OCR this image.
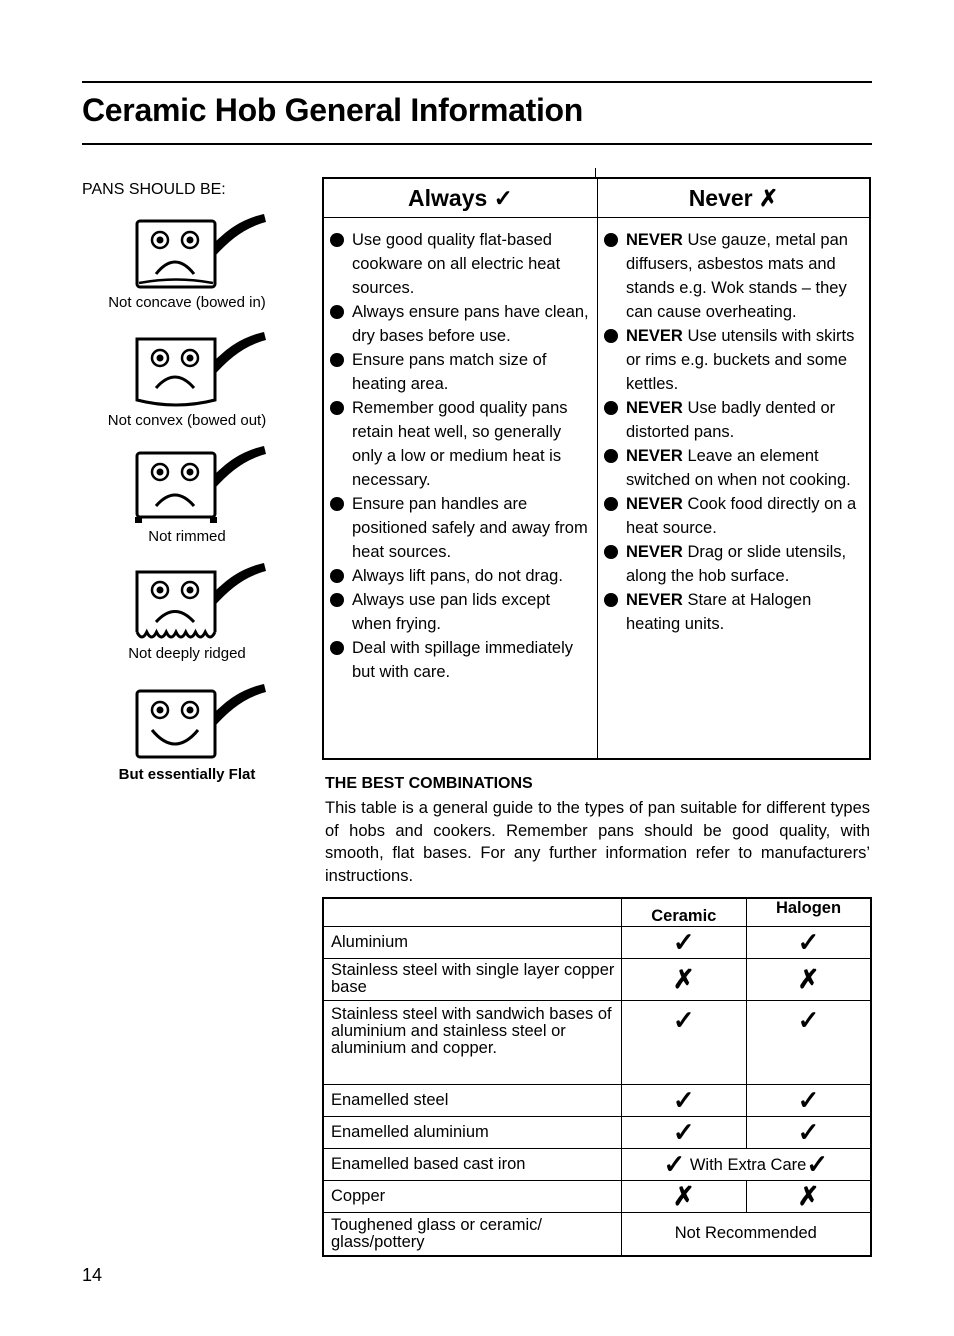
Ceramic Hob General Information
PANS SHOULD BE:
Not concave (bowed in)
Not convex (bowed out)
Not rimmed
Not deeply ridged
But essentially Flat
Always ✓
Use good quality flat-based cookware on all electric heat sources.
Always ensure pans have clean, dry bases before use.
Ensure pans match size of heating area.
Remember good quality pans retain heat well, so generally only a low or medium heat is necessary.
Ensure pan handles are positioned safely and away from heat sources.
Always lift pans, do not drag.
Always use pan lids except when frying.
Deal with spillage immediately but with care.
Never ✗
NEVER Use gauze, metal pan diffusers, asbestos mats and stands e.g. Wok stands – they can cause overheating.
NEVER Use utensils with skirts or rims e.g. buckets and some kettles.
NEVER Use badly dented or distorted pans.
NEVER Leave an element switched on when not cooking.
NEVER Cook food directly on a heat source.
NEVER Drag or slide utensils, along the hob surface.
NEVER Stare at Halogen heating units.
THE BEST COMBINATIONS

This table is a general guide to the types of pan suitable for different types of hobs and cookers. Remember pans should be good quality, with smooth, flat bases. For any further information refer to manufacturers’ instructions.

	Ceramic	Halogen
Aluminium	✓	✓
Stainless steel with single layer copper base	✗	✗
Stainless steel with sandwich bases of aluminium and stainless steel or aluminium and copper.	✓	✓
Enamelled steel	✓	✓
Enamelled aluminium	✓	✓
Enamelled based cast iron	✓ With Extra Care✓	
Copper	✗	✗
Toughened glass or ceramic/ glass/pottery	Not Recommended	
14
